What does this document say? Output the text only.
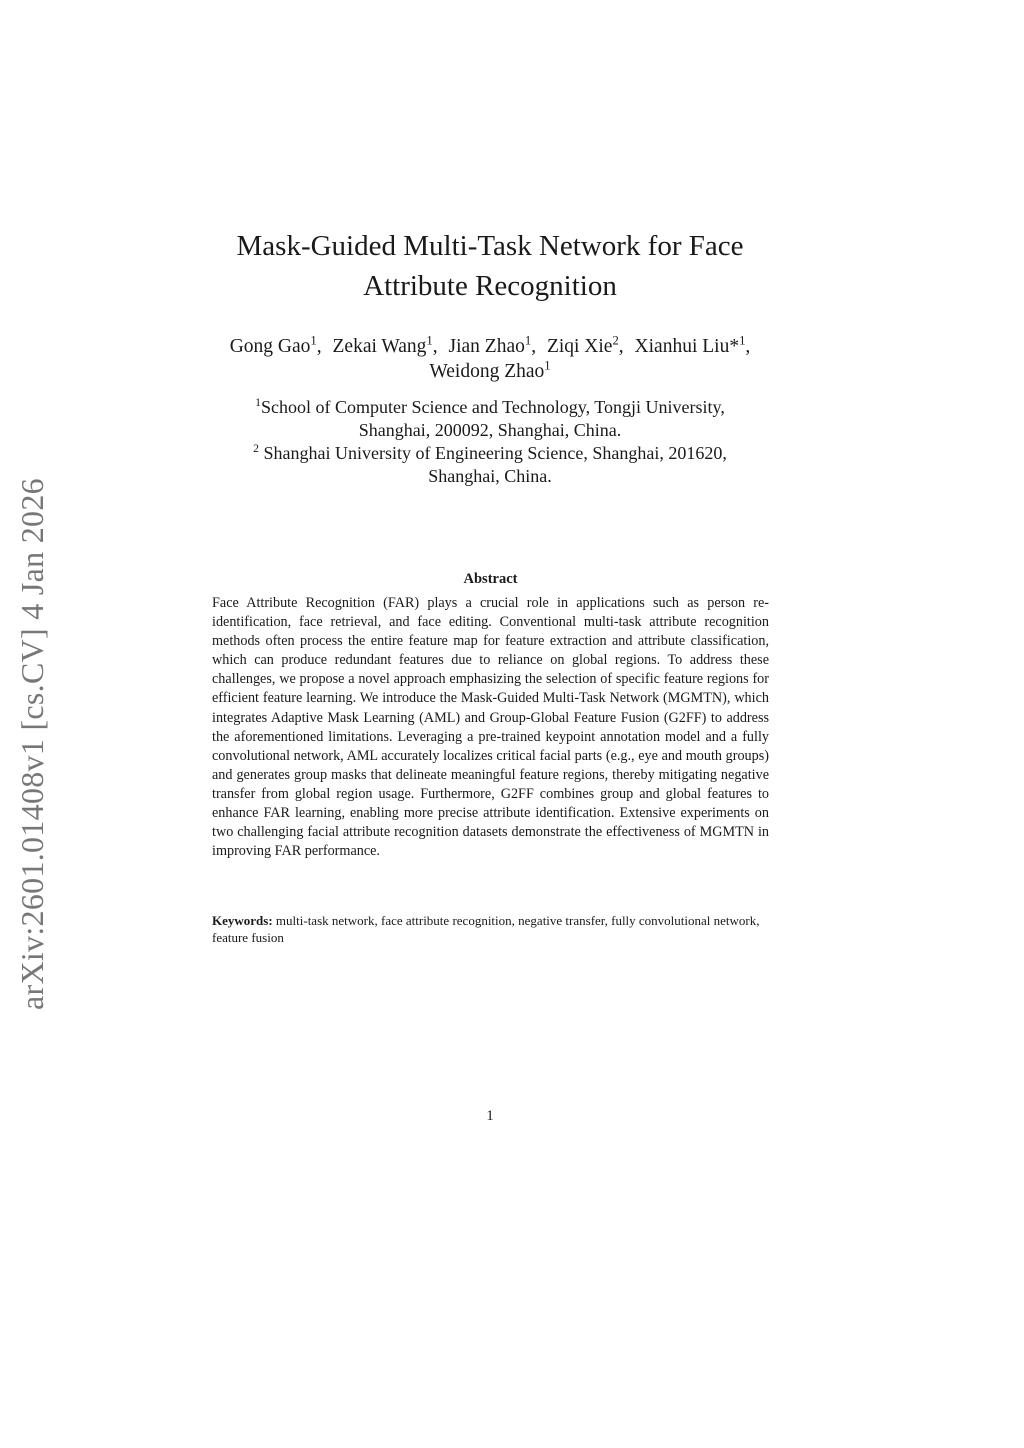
arXiv:2601.01408v1 [cs.CV] 4 Jan 2026
Mask-Guided Multi-Task Network for Face
Attribute Recognition
Gong Gao$^1$, Zekai Wang$^1$, Jian Zhao$^1$, Ziqi Xie$^2$, Xianhui Liu*$^1$,
Weidong Zhao$^1$

$^1$School of Computer Science and Technology, Tongji University,
Shanghai, 200092, Shanghai, China.

$^2$ Shanghai University of Engineering Science, Shanghai, 201620,
Shanghai, China.

Abstract

Face Attribute Recognition (FAR) plays a crucial role in applications such as person re-identification, face retrieval, and face editing. Conventional multi-task attribute recognition methods often process the entire feature map for feature extraction and attribute classification, which can produce redundant features due to reliance on global regions. To address these challenges, we propose a novel approach emphasizing the selection of specific feature regions for efficient feature learning. We introduce the Mask-Guided Multi-Task Network (MGMTN), which integrates Adaptive Mask Learning (AML) and Group-Global Feature Fusion (G2FF) to address the aforementioned limitations. Leveraging a pre-trained keypoint annotation model and a fully convolutional network, AML accurately localizes critical facial parts (e.g., eye and mouth groups) and generates group masks that delineate meaningful feature regions, thereby mitigating negative transfer from global region usage. Furthermore, G2FF combines group and global features to enhance FAR learning, enabling more precise attribute identification. Extensive experiments on two challenging facial attribute recognition datasets demonstrate the effectiveness of MGMTN in improving FAR performance.

Keywords: multi-task network, face attribute recognition, negative transfer, fully convolutional network, feature fusion

1
